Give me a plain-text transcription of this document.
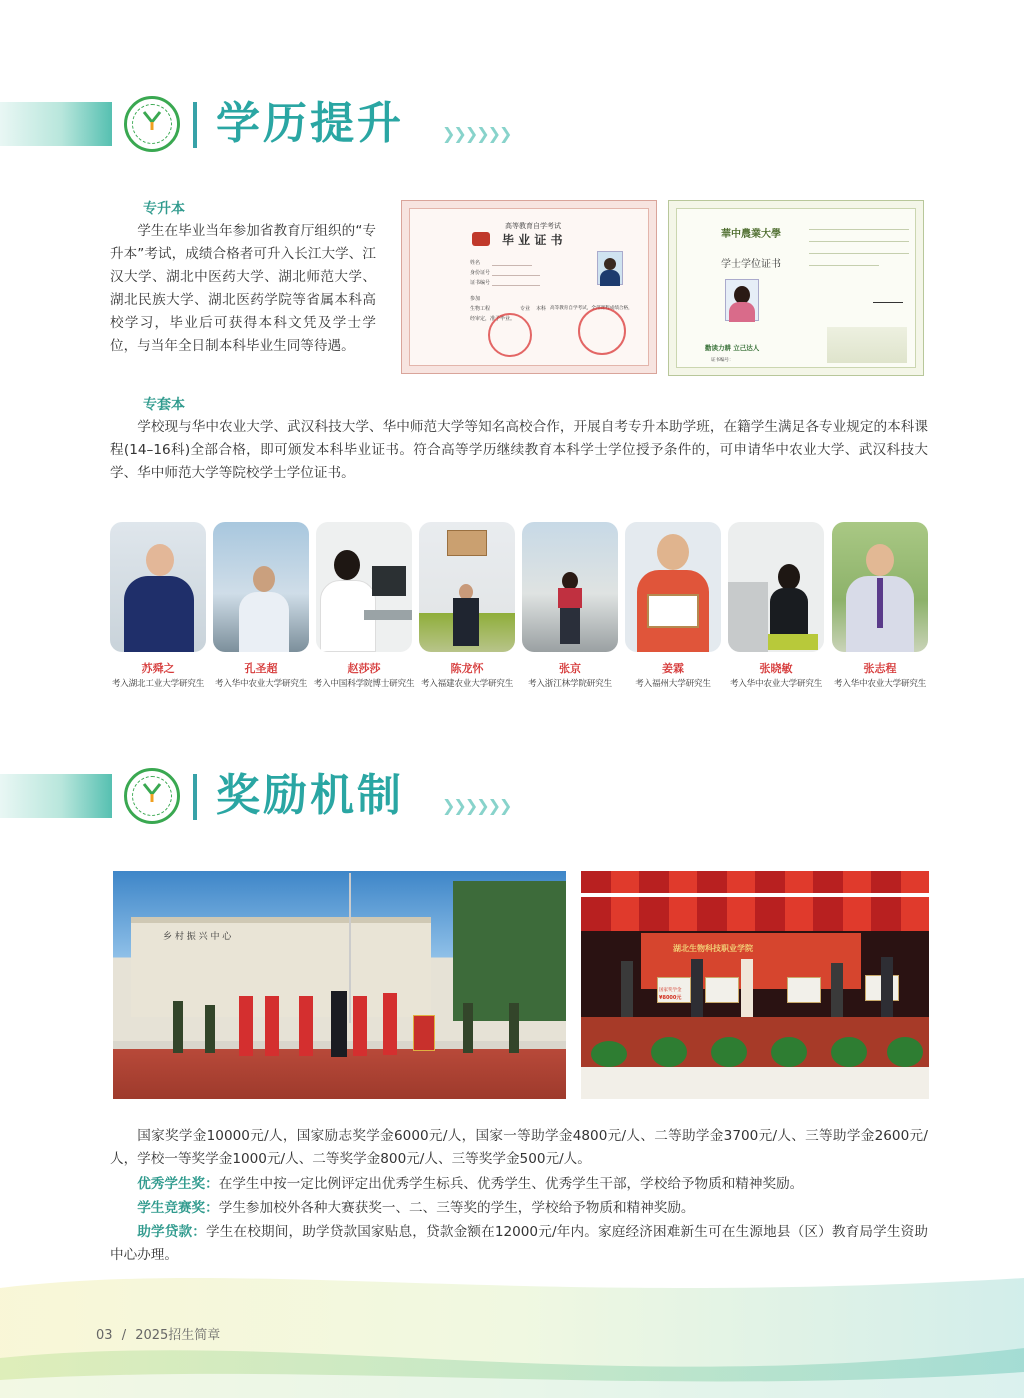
学历提升 ❯❯❯❯❯❯
专升本
学生在毕业当年参加省教育厅组织的“专升本”考试，成绩合格者可升入长江大学、江汉大学、湖北中医药大学、湖北师范大学、湖北民族大学、湖北医药学院等省属本科高校学习，毕业后可获得本科文凭及学士学位，与当年全日制本科毕业生同等待遇。
专套本
学校现与华中农业大学、武汉科技大学、华中师范大学等知名高校合作，开展自考专升本助学班，在籍学生满足各专业规定的本科课程(14–16科)全部合格，即可颁发本科毕业证书。符合高等学历继续教育本科学士学位授予条件的，可申请华中农业大学、武汉科技大学、华中师范大学等院校学士学位证书。
高等教育自学考试
毕 业 证 书
姓名
身份证号
证书编号
参加
生物工程	专业 本科 高等教育自学考试，全部课程成绩合格，
经审定，准予毕业。
華中農業大學
学士学位证书
勤读力耕 立己达人
证书编号：
苏舜之
考入湖北工业大学研究生
孔圣超
考入华中农业大学研究生
赵莎莎
考入中国科学院博士研究生
陈龙怀
考入福建农业大学研究生
张京
考入浙江林学院研究生
姜霖
考入福州大学研究生
张晓敏
考入华中农业大学研究生
张志程
考入华中农业大学研究生
奖励机制 ❯❯❯❯❯❯
乡 村 振 兴 中 心
湖北生物科技职业学院
国家奖学金
¥8000元
国家奖学金10000元/人，国家励志奖学金6000元/人，国家一等助学金4800元/人、二等助学金3700元/人、三等助学金2600元/人，学校一等奖学金1000元/人、二等奖学金800元/人、三等奖学金500元/人。
优秀学生奖：在学生中按一定比例评定出优秀学生标兵、优秀学生、优秀学生干部，学校给予物质和精神奖励。
学生竞赛奖：学生参加校外各种大赛获奖一、二、三等奖的学生，学校给予物质和精神奖励。
助学贷款：学生在校期间，助学贷款国家贴息，贷款金额在12000元/年内。家庭经济困难新生可在生源地县（区）教育局学生资助中心办理。
03 / 2025招生简章
